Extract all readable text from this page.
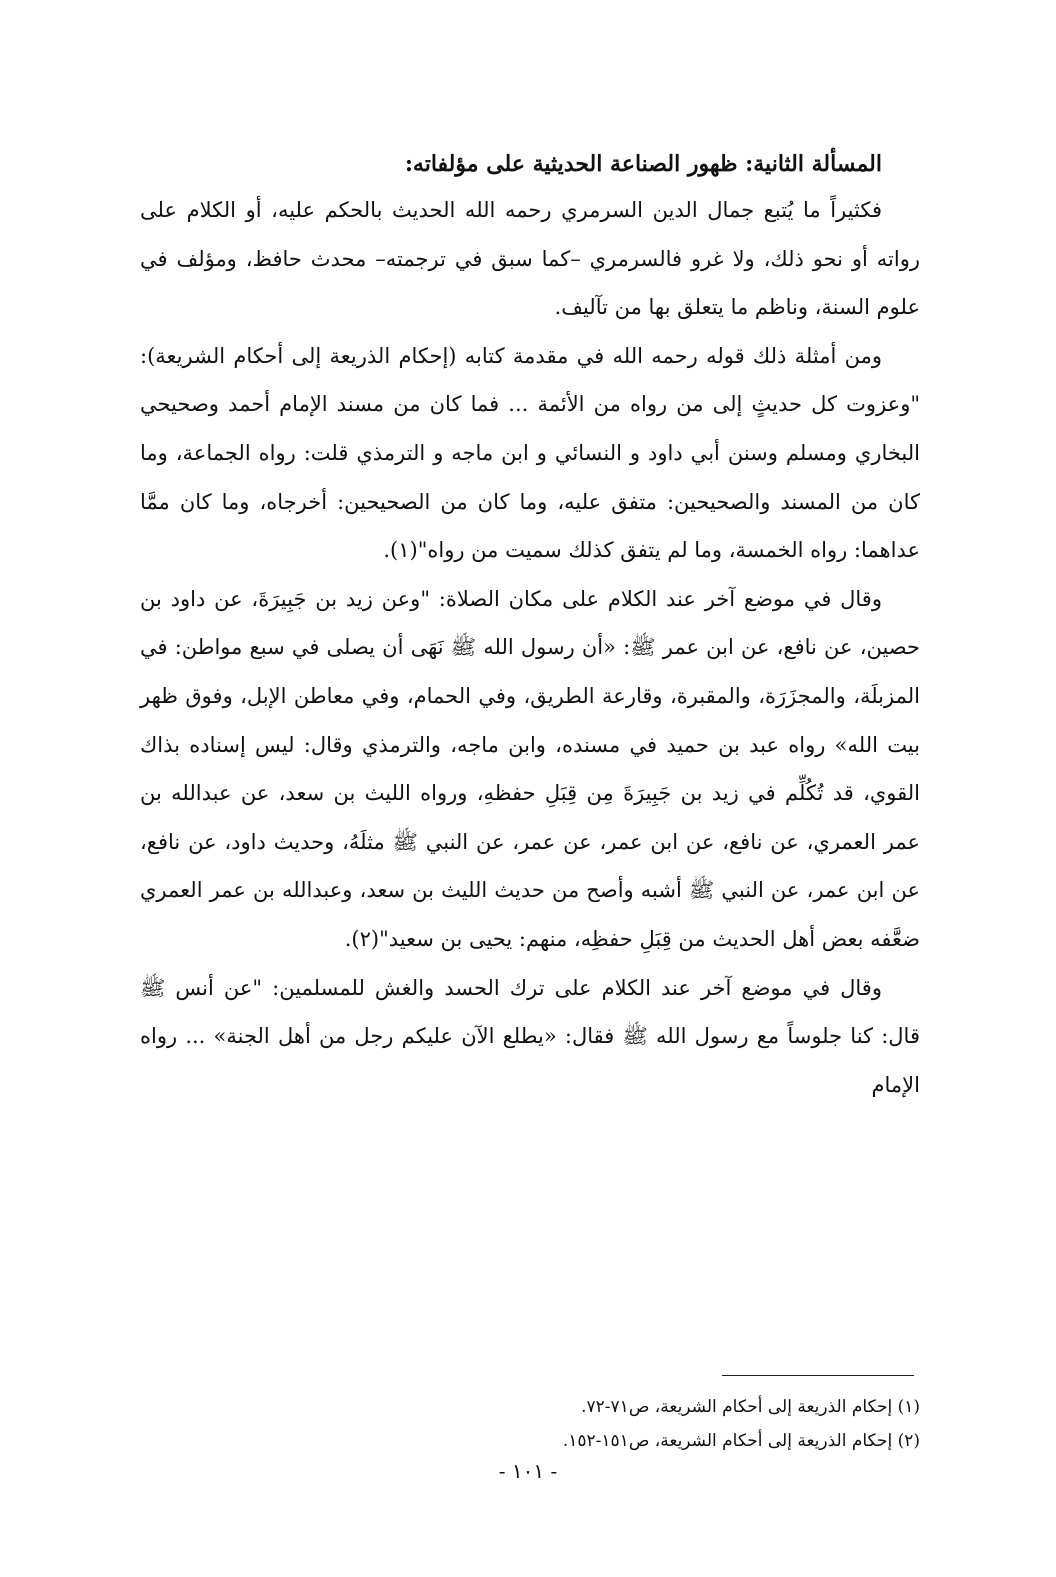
المسألة الثانية: ظهور الصناعة الحديثية على مؤلفاته:

فكثيراً ما يُتبع جمال الدين السرمري رحمه الله الحديث بالحكم عليه، أو الكلام على رواته أو نحو ذلك، ولا غرو فالسرمري –كما سبق في ترجمته– محدث حافظ، ومؤلف في علوم السنة، وناظم ما يتعلق بها من تآليف.

ومن أمثلة ذلك قوله رحمه الله في مقدمة كتابه (إحكام الذريعة إلى أحكام الشريعة): "وعزوت كل حديثٍ إلى من رواه من الأئمة ... فما كان من مسند الإمام أحمد وصحيحي البخاري ومسلم وسنن أبي داود و النسائي و ابن ماجه و الترمذي قلت: رواه الجماعة، وما كان من المسند والصحيحين: متفق عليه، وما كان من الصحيحين: أخرجاه، وما كان ممَّا عداهما: رواه الخمسة، وما لم يتفق كذلك سميت من رواه"(١).

وقال في موضع آخر عند الكلام على مكان الصلاة: "وعن زيد بن جَبِيرَةَ، عن داود بن حصين، عن نافع، عن ابن عمر ﷺ: «أن رسول الله ﷺ نَهَى أن يصلى في سبع مواطن: في المزبلَة، والمجزَرَة، والمقبرة، وقارعة الطريق، وفي الحمام، وفي معاطن الإبل، وفوق ظهر بيت الله» رواه عبد بن حميد في مسنده، وابن ماجه، والترمذي وقال: ليس إسناده بذاك القوي، قد تُكُلِّم في زيد بن جَبِيرَةَ مِن قِبَلِ حفظهِ، ورواه الليث بن سعد، عن عبدالله بن عمر العمري، عن نافع، عن ابن عمر، عن عمر، عن النبي ﷺ مثلَهُ، وحديث داود، عن نافع، عن ابن عمر، عن النبي ﷺ أشبه وأصح من حديث الليث بن سعد، وعبدالله بن عمر العمري ضعَّفه بعض أهل الحديث من قِبَلِ حفظِه، منهم: يحيى بن سعيد"(٢).

وقال في موضع آخر عند الكلام على ترك الحسد والغش للمسلمين: "عن أنس ﷺ قال: كنا جلوساً مع رسول الله ﷺ فقال: «يطلع الآن عليكم رجل من أهل الجنة» ... رواه الإمام

(١) إحكام الذريعة إلى أحكام الشريعة، ص٧١-٧٢.

(٢) إحكام الذريعة إلى أحكام الشريعة، ص١٥١-١٥٢.

- ١٠١ -
